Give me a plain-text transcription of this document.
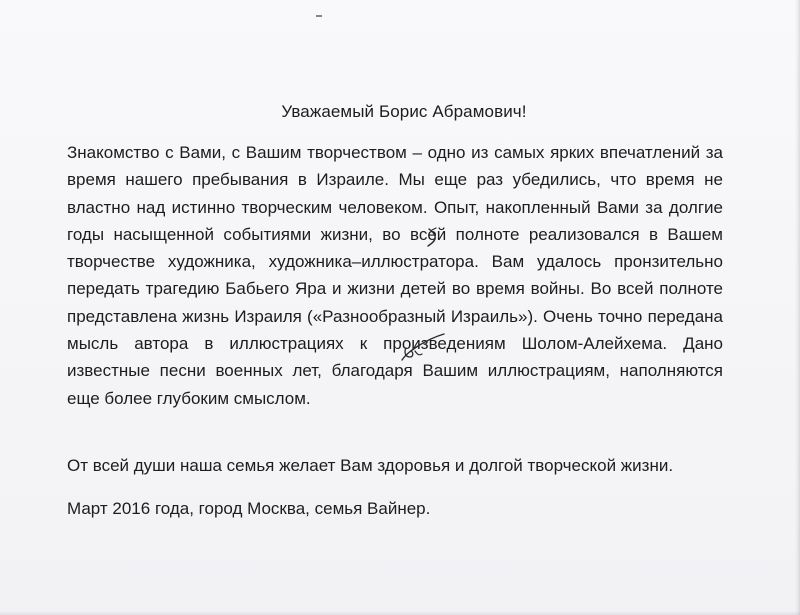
Уважаемый Борис Абрамович!

Знакомство с Вами, с Вашим творчеством – одно из самых ярких впечатлений за время нашего пребывания в Израиле. Мы еще раз убедились, что время не властно над истинно творческим человеком. Опыт, накопленный Вами за долгие годы насыщенной событиями жизни, во всей полноте реализовался в Вашем творчестве художника, художника–иллюстратора. Вам удалось пронзительно передать трагедию Бабьего Яра и жизни детей во время войны. Во всей полноте представлена жизнь Израиля («Разнообразный Израиль»). Очень точно передана мысль автора в иллюстрациях к произведениям Шолом-Алейхема. Дано известные песни военных лет, благодаря Вашим иллюстрациям, наполняются еще более глубоким смыслом.

От всей души наша семья желает Вам здоровья и долгой творческой жизни.

Март 2016 года, город Москва, семья Вайнер.
